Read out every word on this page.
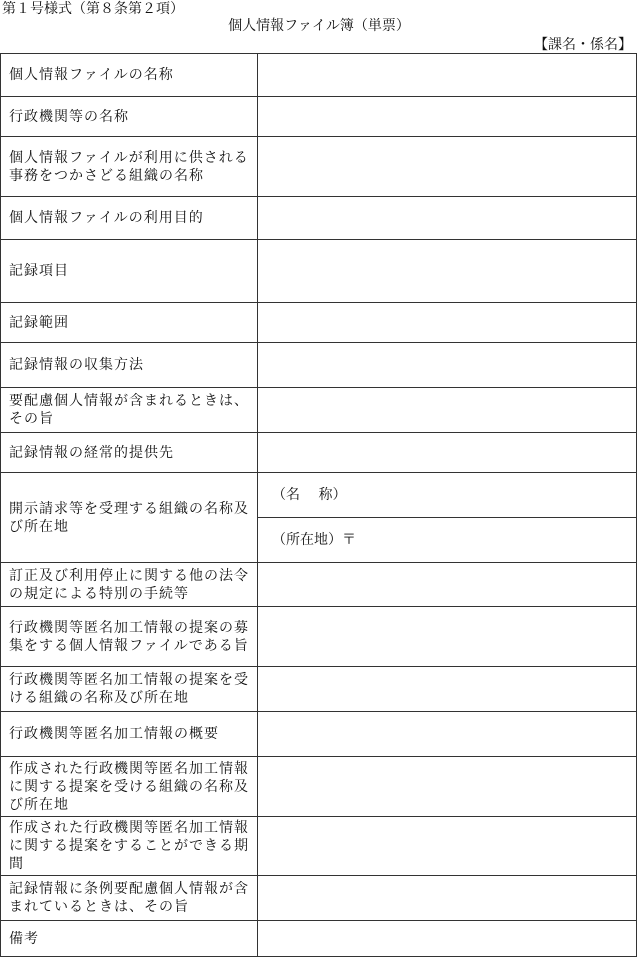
第１号様式（第８条第２項）
個人情報ファイル簿（単票）
【課名・係名】
個人情報ファイルの名称	
行政機関等の名称	
個人情報ファイルが利用に供される事務をつかさどる組織の名称	
個人情報ファイルの利用目的	
記録項目	
記録範囲	
記録情報の収集方法	
要配慮個人情報が含まれるときは、その旨	
記録情報の経常的提供先	
開示請求等を受理する組織の名称及び所在地	（名　 称）
	（所在地）〒
訂正及び利用停止に関する他の法令の規定による特別の手続等	
行政機関等匿名加工情報の提案の募集をする個人情報ファイルである旨	
行政機関等匿名加工情報の提案を受ける組織の名称及び所在地	
行政機関等匿名加工情報の概要	
作成された行政機関等匿名加工情報に関する提案を受ける組織の名称及び所在地	
作成された行政機関等匿名加工情報に関する提案をすることができる期間	
記録情報に条例要配慮個人情報が含まれているときは、その旨	
備考	
